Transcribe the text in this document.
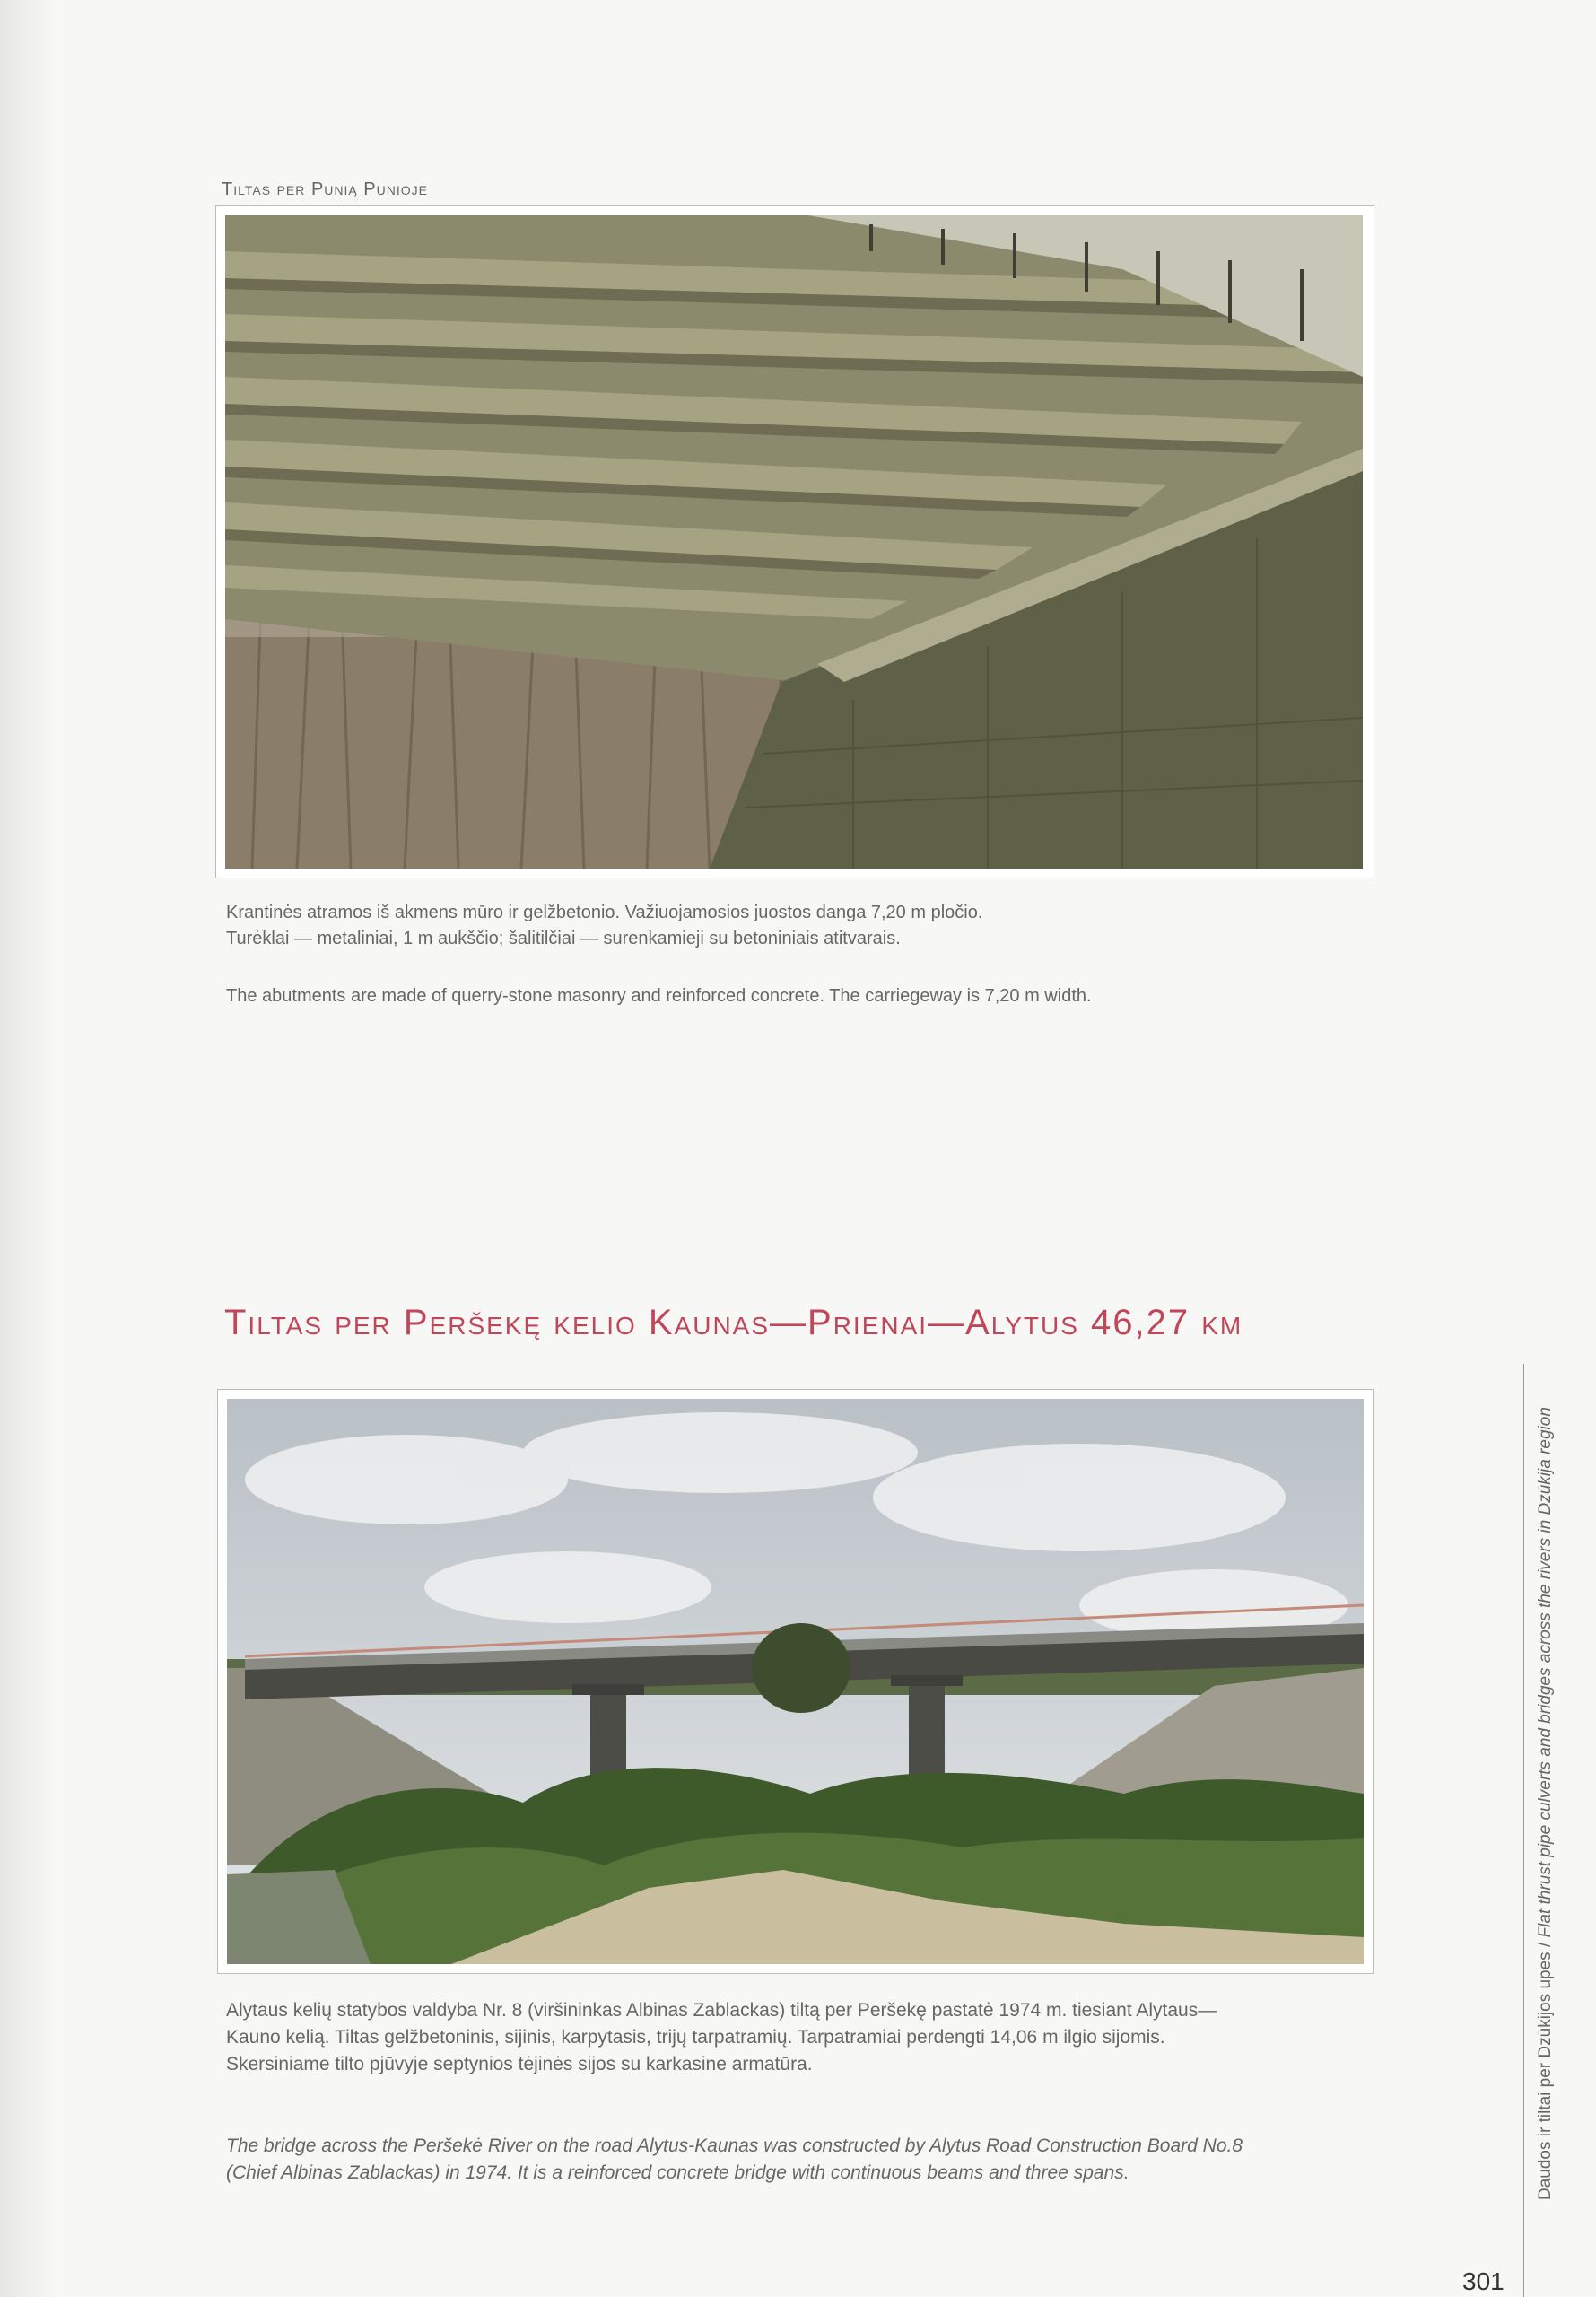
Tiltas per Punią Punioje
Krantinės atramos iš akmens mūro ir gelžbetonio. Važiuojamosios juostos danga 7,20 m pločio.
Turėklai — metaliniai, 1 m aukščio; šalitilčiai — surenkamieji su betoniniais atitvarais.
The abutments are made of querry-stone masonry and reinforced concrete. The carriegeway is 7,20 m width.
Tiltas per Peršekę kelio Kaunas—Prienai—Alytus 46,27 km
Alytaus kelių statybos valdyba Nr. 8 (viršininkas Albinas Zablackas) tiltą per Peršekę pastatė 1974 m. tiesiant Alytaus—
Kauno kelią. Tiltas gelžbetoninis, sijinis, karpytasis, trijų tarpatramių. Tarpatramiai perdengti 14,06 m ilgio sijomis.
Skersiniame tilto pjūvyje septynios tėjinės sijos su karkasine armatūra.
The bridge across the Peršekė River on the road Alytus-Kaunas was constructed by Alytus Road Construction Board No.8
(Chief Albinas Zablackas) in 1974. It is a reinforced concrete bridge with continuous beams and three spans.	Daudos ir tiltai per Dzūkijos upes / Flat thrust pipe culverts and bridges across the rivers in Dzūkija region
301
